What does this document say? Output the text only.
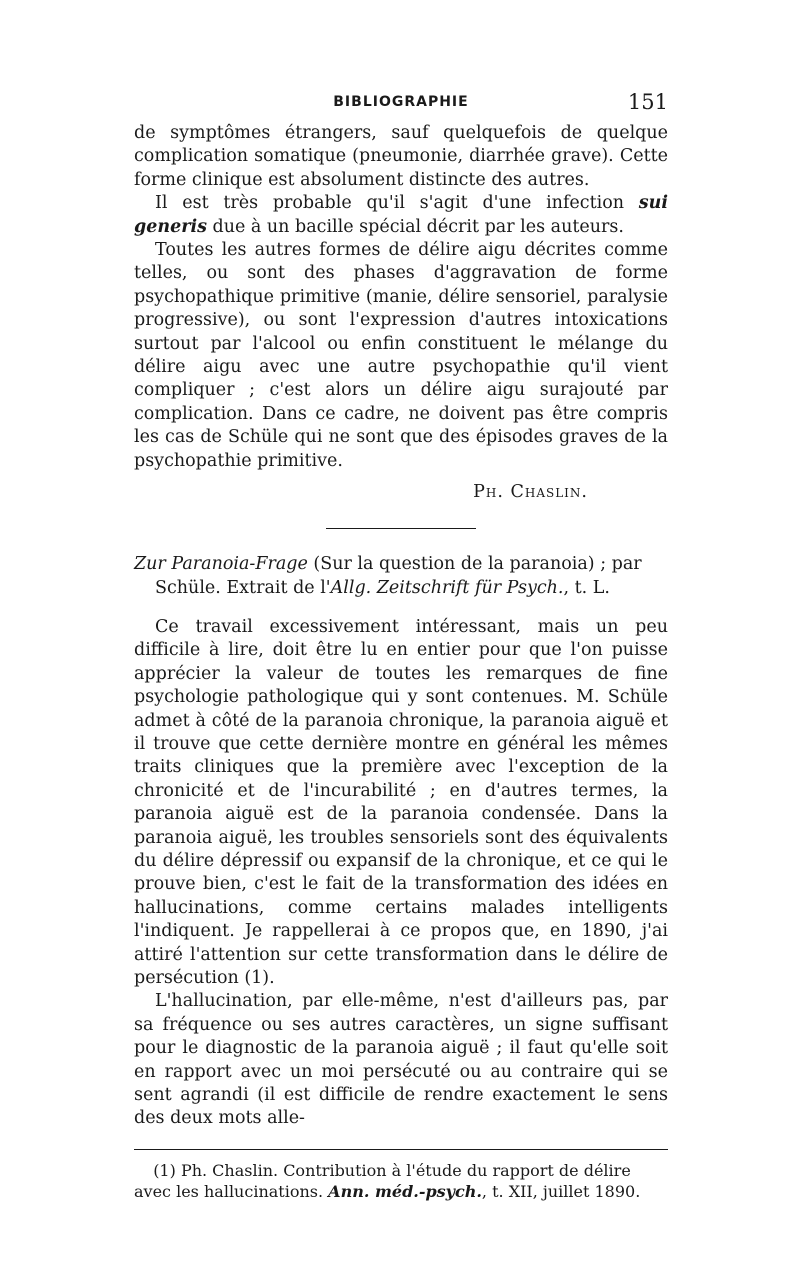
BIBLIOGRAPHIE	151

de symptômes étrangers, sauf quelquefois de quelque complication somatique (pneumonie, diarrhée grave). Cette forme clinique est absolument distincte des autres.

Il est très probable qu'il s'agit d'une infection sui generis due à un bacille spécial décrit par les auteurs.

Toutes les autres formes de délire aigu décrites comme telles, ou sont des phases d'aggravation de forme psychopathique primitive (manie, délire sensoriel, paralysie progressive), ou sont l'expression d'autres intoxications surtout par l'alcool ou enfin constituent le mélange du délire aigu avec une autre psychopathie qu'il vient compliquer ; c'est alors un délire aigu surajouté par complication. Dans ce cadre, ne doivent pas être compris les cas de Schüle qui ne sont que des épisodes graves de la psychopathie primitive.

Ph. Chaslin.
Zur Paranoia-Frage (Sur la question de la paranoia) ; par
Schüle. Extrait de l'Allg. Zeitschrift für Psych., t. L.

Ce travail excessivement intéressant, mais un peu difficile à lire, doit être lu en entier pour que l'on puisse apprécier la valeur de toutes les remarques de fine psychologie pathologique qui y sont contenues. M. Schüle admet à côté de la paranoia chronique, la paranoia aiguë et il trouve que cette dernière montre en général les mêmes traits cliniques que la première avec l'exception de la chronicité et de l'incurabilité ; en d'autres termes, la paranoia aiguë est de la paranoia condensée. Dans la paranoia aiguë, les troubles sensoriels sont des équivalents du délire dépressif ou expansif de la chronique, et ce qui le prouve bien, c'est le fait de la transformation des idées en hallucinations, comme certains malades intelligents l'indiquent. Je rappellerai à ce propos que, en 1890, j'ai attiré l'attention sur cette transformation dans le délire de persécution (1).

L'hallucination, par elle-même, n'est d'ailleurs pas, par sa fréquence ou ses autres caractères, un signe suffisant pour le diagnostic de la paranoia aiguë ; il faut qu'elle soit en rapport avec un moi persécuté ou au contraire qui se sent agrandi (il est difficile de rendre exactement le sens des deux mots alle-

(1) Ph. Chaslin. Contribution à l'étude du rapport de délire avec les hallucinations. Ann. méd.-psych., t. XII, juillet 1890.
